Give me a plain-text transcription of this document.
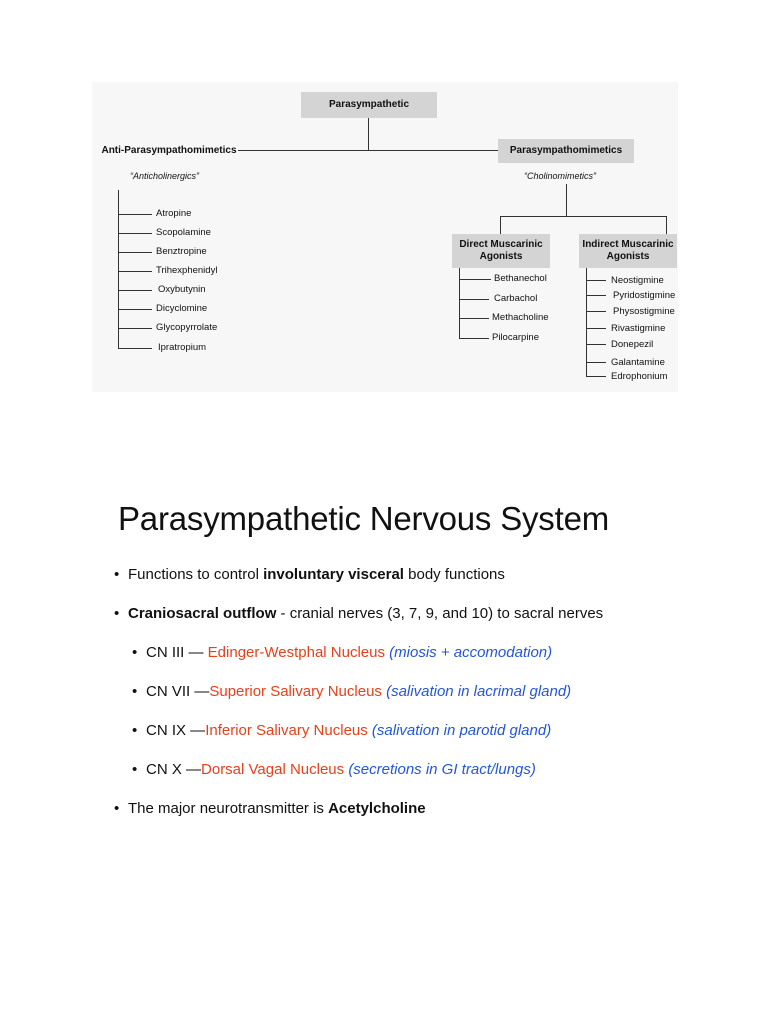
Parasympathetic
Anti-Parasympathomimetics
“Anticholinergics”
Atropine
Scopolamine
Benztropine
Trihexphenidyl
Oxybutynin
Dicyclomine
Glycopyrrolate
Ipratropium
Parasympathomimetics
“Cholinomimetics”
Direct Muscarinic
Agonists
Bethanechol
Carbachol
Methacholine
Pilocarpine
Indirect Muscarinic
Agonists
Neostigmine
Pyridostigmine
Physostigmine
Rivastigmine
Donepezil
Galantamine
Edrophonium
Parasympathetic Nervous System
• Functions to control involuntary visceral body functions
• Craniosacral outflow - cranial nerves (3, 7, 9, and 10) to sacral nerves
• CN III — Edinger-Westphal Nucleus (miosis + accomodation)
• CN VII —Superior Salivary Nucleus (salivation in lacrimal gland)
• CN IX —Inferior Salivary Nucleus (salivation in parotid gland)
• CN X —Dorsal Vagal Nucleus (secretions in GI tract/lungs)
• The major neurotransmitter is Acetylcholine
